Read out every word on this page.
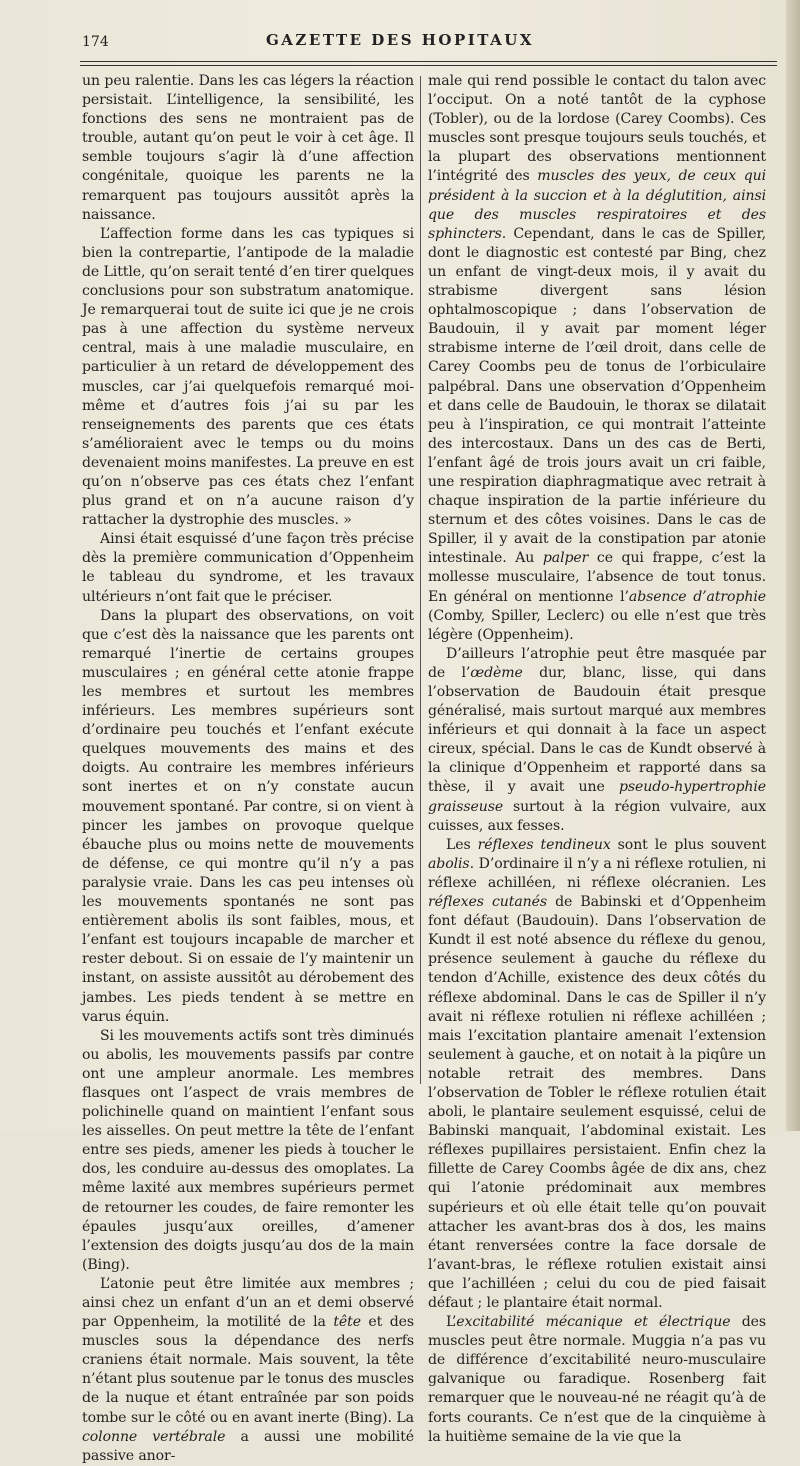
174	GAZETTE DES HOPITAUX

un peu ralentie. Dans les cas légers la réaction persistait. L’intelligence, la sensibilité, les fonctions des sens ne montraient pas de trouble, autant qu’on peut le voir à cet âge. Il semble toujours s’agir là d’une affection congénitale, quoique les parents ne la remarquent pas toujours aussitôt après la naissance.

L’affection forme dans les cas typiques si bien la contrepartie, l’antipode de la maladie de Little, qu’on serait tenté d’en tirer quelques conclusions pour son substratum anatomique. Je remarquerai tout de suite ici que je ne crois pas à une affection du système nerveux central, mais à une maladie musculaire, en particulier à un retard de développement des muscles, car j’ai quelquefois remarqué moi-même et d’autres fois j’ai su par les renseignements des parents que ces états s’amélioraient avec le temps ou du moins devenaient moins manifestes. La preuve en est qu’on n’observe pas ces états chez l’enfant plus grand et on n’a aucune raison d’y rattacher la dystrophie des muscles. »

Ainsi était esquissé d’une façon très précise dès la première communication d’Oppenheim le tableau du syndrome, et les travaux ultérieurs n’ont fait que le préciser.

Dans la plupart des observations, on voit que c’est dès la naissance que les parents ont remarqué l’inertie de certains groupes musculaires ; en général cette atonie frappe les membres et surtout les membres inférieurs. Les membres supérieurs sont d’ordinaire peu touchés et l’enfant exécute quelques mouvements des mains et des doigts. Au contraire les membres inférieurs sont inertes et on n’y constate aucun mouvement spontané. Par contre, si on vient à pincer les jambes on provoque quelque ébauche plus ou moins nette de mouvements de défense, ce qui montre qu’il n’y a pas paralysie vraie. Dans les cas peu intenses où les mouvements spontanés ne sont pas entièrement abolis ils sont faibles, mous, et l’enfant est toujours incapable de marcher et rester debout. Si on essaie de l’y maintenir un instant, on assiste aussitôt au dérobement des jambes. Les pieds tendent à se mettre en varus équin.

Si les mouvements actifs sont très diminués ou abolis, les mouvements passifs par contre ont une ampleur anormale. Les membres flasques ont l’aspect de vrais membres de polichinelle quand on maintient l’enfant sous les aisselles. On peut mettre la tête de l’enfant entre ses pieds, amener les pieds à toucher le dos, les conduire au-dessus des omoplates. La même laxité aux membres supérieurs permet de retourner les coudes, de faire remonter les épaules jusqu’aux oreilles, d’amener l’extension des doigts jusqu’au dos de la main (Bing).

L’atonie peut être limitée aux membres ; ainsi chez un enfant d’un an et demi observé par Oppenheim, la motilité de la tête et des muscles sous la dépendance des nerfs craniens était normale. Mais souvent, la tête n’étant plus soutenue par le tonus des muscles de la nuque et étant entraînée par son poids tombe sur le côté ou en avant inerte (Bing). La colonne vertébrale a aussi une mobilité passive anor-

male qui rend possible le contact du talon avec l’occiput. On a noté tantôt de la cyphose (Tobler), ou de la lordose (Carey Coombs). Ces muscles sont presque toujours seuls touchés, et la plupart des observations mentionnent l’intégrité des muscles des yeux, de ceux qui président à la succion et à la déglutition, ainsi que des muscles respiratoires et des sphincters. Cependant, dans le cas de Spiller, dont le diagnostic est contesté par Bing, chez un enfant de vingt-deux mois, il y avait du strabisme divergent sans lésion ophtalmoscopique ; dans l’observation de Baudouin, il y avait par moment léger strabisme interne de l’œil droit, dans celle de Carey Coombs peu de tonus de l’orbiculaire palpébral. Dans une observation d’Oppenheim et dans celle de Baudouin, le thorax se dilatait peu à l’inspiration, ce qui montrait l’atteinte des intercostaux. Dans un des cas de Berti, l’enfant âgé de trois jours avait un cri faible, une respiration diaphragmatique avec retrait à chaque inspiration de la partie inférieure du sternum et des côtes voisines. Dans le cas de Spiller, il y avait de la constipation par atonie intestinale. Au palper ce qui frappe, c’est la mollesse musculaire, l’absence de tout tonus. En général on mentionne l’absence d’atrophie (Comby, Spiller, Leclerc) ou elle n’est que très légère (Oppenheim).

D’ailleurs l’atrophie peut être masquée par de l’œdème dur, blanc, lisse, qui dans l’observation de Baudouin était presque généralisé, mais surtout marqué aux membres inférieurs et qui donnait à la face un aspect cireux, spécial. Dans le cas de Kundt observé à la clinique d’Oppenheim et rapporté dans sa thèse, il y avait une pseudo-hypertrophie graisseuse surtout à la région vulvaire, aux cuisses, aux fesses.

Les réflexes tendineux sont le plus souvent abolis. D’ordinaire il n’y a ni réflexe rotulien, ni réflexe achilléen, ni réflexe olécranien. Les réflexes cutanés de Babinski et d’Oppenheim font défaut (Baudouin). Dans l’observation de Kundt il est noté absence du réflexe du genou, présence seulement à gauche du réflexe du tendon d’Achille, existence des deux côtés du réflexe abdominal. Dans le cas de Spiller il n’y avait ni réflexe rotulien ni réflexe achilléen ; mais l’excitation plantaire amenait l’extension seulement à gauche, et on notait à la piqûre un notable retrait des membres. Dans l’observation de Tobler le réflexe rotulien était aboli, le plantaire seulement esquissé, celui de Babinski manquait, l’abdominal existait. Les réflexes pupillaires persistaient. Enfin chez la fillette de Carey Coombs âgée de dix ans, chez qui l’atonie prédominait aux membres supérieurs et où elle était telle qu’on pouvait attacher les avant-bras dos à dos, les mains étant renversées contre la face dorsale de l’avant-bras, le réflexe rotulien existait ainsi que l’achilléen ; celui du cou de pied faisait défaut ; le plantaire était normal.

L’excitabilité mécanique et électrique des muscles peut être normale. Muggia n’a pas vu de différence d’excitabilité neuro-musculaire galvanique ou faradique. Rosenberg fait remarquer que le nouveau-né ne réagit qu’à de forts courants. Ce n’est que de la cinquième à la huitième semaine de la vie que la
